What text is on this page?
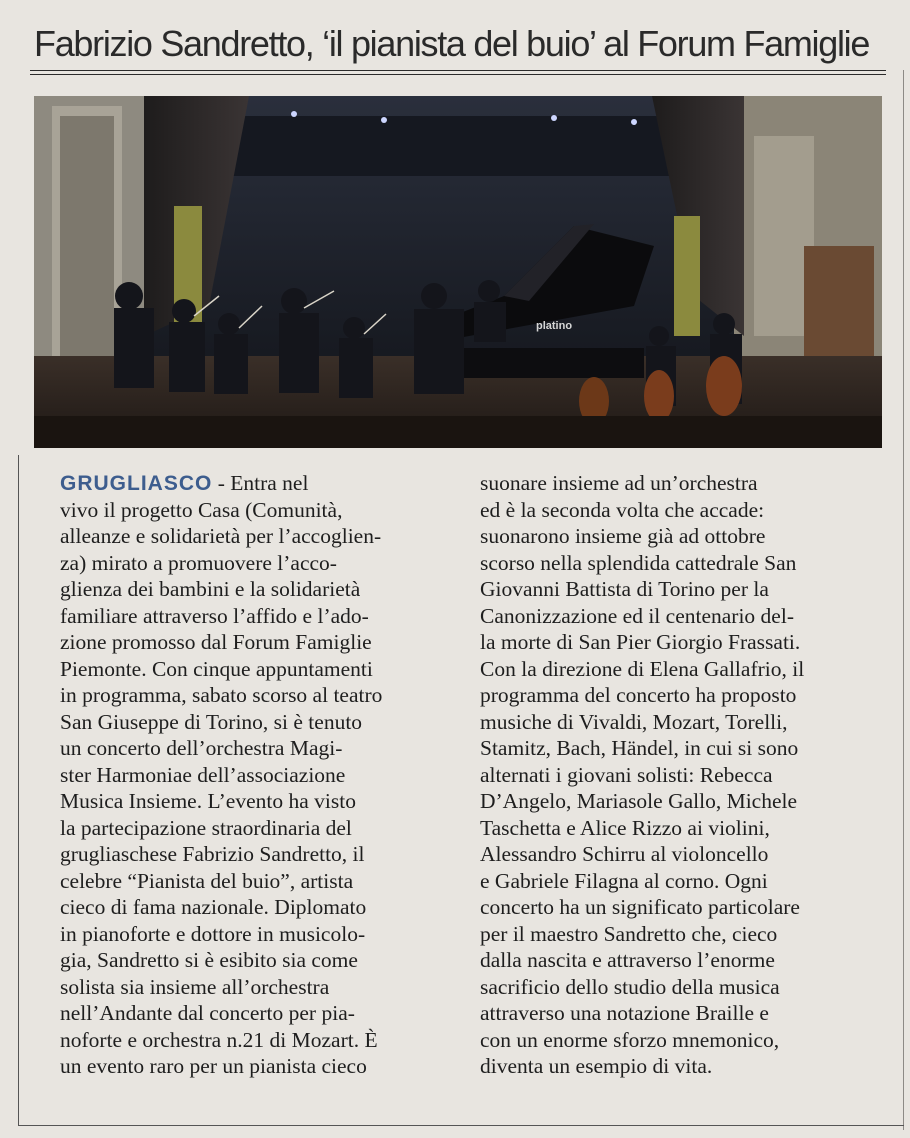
Fabrizio Sandretto, ‘il pianista del buio’ al Forum Famiglie
platino
GRUGLIASCO - Entra nel
vivo il progetto Casa (Comunità,
alleanze e solidarietà per l’accoglien-
za) mirato a promuovere l’acco-
glienza dei bambini e la solidarietà
familiare attraverso l’affido e l’ado-
zione promosso dal Forum Famiglie
Piemonte. Con cinque appuntamenti
in programma, sabato scorso al teatro
San Giuseppe di Torino, si è tenuto
un concerto dell’orchestra Magi-
ster Harmoniae dell’associazione
Musica Insieme. L’evento ha visto
la partecipazione straordinaria del
grugliaschese Fabrizio Sandretto, il
celebre “Pianista del buio”, artista
cieco di fama nazionale. Diplomato
in pianoforte e dottore in musicolo-
gia, Sandretto si è esibito sia come
solista sia insieme all’orchestra
nell’Andante dal concerto per pia-
noforte e orchestra n.21 di Mozart. È
un evento raro per un pianista cieco
suonare insieme ad un’orchestra
ed è la seconda volta che accade:
suonarono insieme già ad ottobre
scorso nella splendida cattedrale San
Giovanni Battista di Torino per la
Canonizzazione ed il centenario del-
la morte di San Pier Giorgio Frassati.
Con la direzione di Elena Gallafrio, il
programma del concerto ha proposto
musiche di Vivaldi, Mozart, Torelli,
Stamitz, Bach, Händel, in cui si sono
alternati i giovani solisti: Rebecca
D’Angelo, Mariasole Gallo, Michele
Taschetta e Alice Rizzo ai violini,
Alessandro Schirru al violoncello
e Gabriele Filagna al corno. Ogni
concerto ha un significato particolare
per il maestro Sandretto che, cieco
dalla nascita e attraverso l’enorme
sacrificio dello studio della musica
attraverso una notazione Braille e
con un enorme sforzo mnemonico,
diventa un esempio di vita.
